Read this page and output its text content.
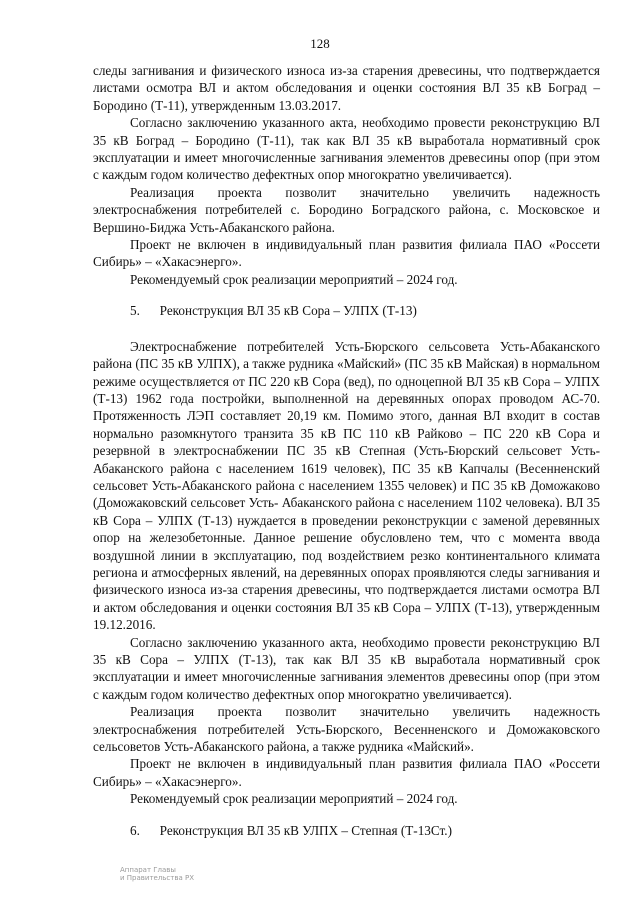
128

следы загнивания и физического износа из-за старения древесины, что подтверждается листами осмотра ВЛ и актом обследования и оценки состояния ВЛ 35 кВ Боград – Бородино (Т-11), утвержденным 13.03.2017.

Согласно заключению указанного акта, необходимо провести реконструкцию ВЛ 35 кВ Боград – Бородино (Т-11), так как ВЛ 35 кВ выработала нормативный срок эксплуатации и имеет многочисленные загнивания элементов древесины опор (при этом с каждым годом количество дефектных опор многократно увеличивается).

Реализация проекта позволит значительно увеличить надежность электроснабжения потребителей с. Бородино Боградского района, с. Московское и Вершино-Биджа Усть-Абаканского района.

Проект не включен в индивидуальный план развития филиала ПАО «Россети Сибирь» – «Хакасэнерго».

Рекомендуемый срок реализации мероприятий – 2024 год.

5.      Реконструкция ВЛ 35 кВ Сора – УЛПХ (Т-13)

Электроснабжение потребителей Усть-Бюрского сельсовета Усть-Абаканского района (ПС 35 кВ УЛПХ), а также рудника «Майский» (ПС 35 кВ Майская) в нормальном режиме осуществляется от ПС 220 кВ Сора (вед), по одноцепной ВЛ 35 кВ Сора – УЛПХ (Т-13) 1962 года постройки, выполненной на деревянных опорах проводом АС-70. Протяженность ЛЭП составляет 20,19 км. Помимо этого, данная ВЛ входит в состав нормально разомкнутого транзита 35 кВ ПС 110 кВ Райково – ПС 220 кВ Сора и резервной в электроснабжении ПС 35 кВ Степная (Усть-Бюрский сельсовет Усть-Абаканского района с населением 1619 человек), ПС 35 кВ Капчалы (Весенненский сельсовет Усть-Абаканского района с населением 1355 человек) и ПС 35 кВ Доможаково (Доможаковский сельсовет Усть- Абаканского района с населением 1102 человека). ВЛ 35 кВ Сора – УЛПХ (Т-13) нуждается в проведении реконструкции с заменой деревянных опор на железобетонные. Данное решение обусловлено тем, что с момента ввода воздушной линии в эксплуатацию, под воздействием резко континентального климата региона и атмосферных явлений, на деревянных опорах проявляются следы загнивания и физического износа из-за старения древесины, что подтверждается листами осмотра ВЛ и актом обследования и оценки состояния ВЛ 35 кВ Сора – УЛПХ (Т-13), утвержденным 19.12.2016.

Согласно заключению указанного акта, необходимо провести реконструкцию ВЛ 35 кВ Сора – УЛПХ (Т-13), так как ВЛ 35 кВ выработала нормативный срок эксплуатации и имеет многочисленные загнивания элементов древесины опор (при этом с каждым годом количество дефектных опор многократно увеличивается).

Реализация проекта позволит значительно увеличить надежность электроснабжения потребителей Усть-Бюрского, Весенненского и Доможаковского сельсоветов Усть-Абаканского района, а также рудника «Майский».

Проект не включен в индивидуальный план развития филиала ПАО «Россети Сибирь» – «Хакасэнерго».

Рекомендуемый срок реализации мероприятий – 2024 год.

6.      Реконструкция ВЛ 35 кВ УЛПХ – Степная (Т-13Ст.)

Аппарат Главы
и Правительства РХ
